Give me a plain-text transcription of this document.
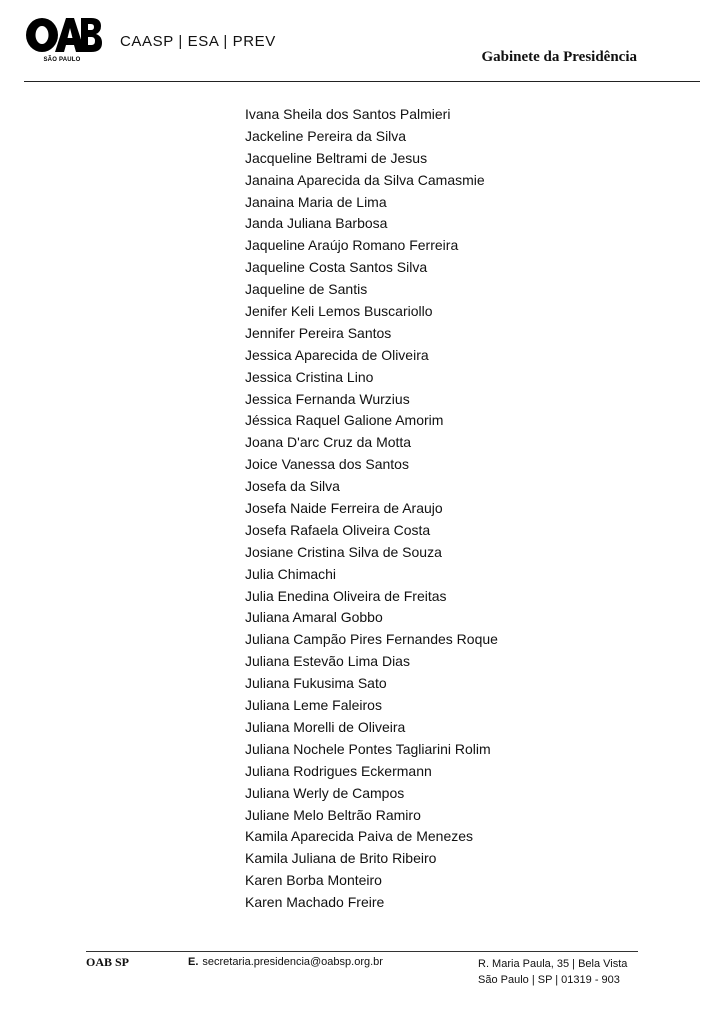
SÃO PAULO
CAASP | ESA | PREV
Gabinete da Presidência
Ivana Sheila dos Santos Palmieri
Jackeline Pereira da Silva
Jacqueline Beltrami de Jesus
Janaina Aparecida da Silva Camasmie
Janaina Maria de Lima
Janda Juliana Barbosa
Jaqueline Araújo Romano Ferreira
Jaqueline Costa Santos Silva
Jaqueline de Santis
Jenifer Keli Lemos Buscariollo
Jennifer Pereira Santos
Jessica Aparecida de Oliveira
Jessica Cristina Lino
Jessica Fernanda Wurzius
Jéssica Raquel Galione Amorim
Joana D'arc Cruz da Motta
Joice Vanessa dos Santos
Josefa da Silva
Josefa Naide Ferreira de Araujo
Josefa Rafaela Oliveira Costa
Josiane Cristina Silva de Souza
Julia Chimachi
Julia Enedina Oliveira de Freitas
Juliana Amaral Gobbo
Juliana Campão Pires Fernandes Roque
Juliana Estevão Lima Dias
Juliana Fukusima Sato
Juliana Leme Faleiros
Juliana Morelli de Oliveira
Juliana Nochele Pontes Tagliarini Rolim
Juliana Rodrigues Eckermann
Juliana Werly de Campos
Juliane Melo Beltrão Ramiro
Kamila Aparecida Paiva de Menezes
Kamila Juliana de Brito Ribeiro
Karen Borba Monteiro
Karen Machado Freire
OAB SP	E. secretaria.presidencia@oabsp.org.br	R. Maria Paula, 35 | Bela Vista
São Paulo | SP | 01319 - 903
